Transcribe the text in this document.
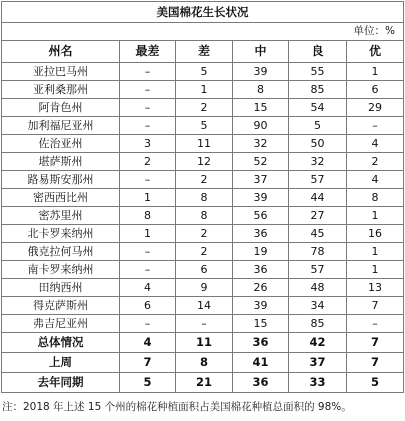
美国棉花生长状况					
单位：%					
州名	最差	差	中	良	优
亚拉巴马州	–	5	39	55	1
亚利桑那州	–	1	8	85	6
阿肯色州	–	2	15	54	29
加利福尼亚州	–	5	90	5	–
佐治亚州	3	11	32	50	4
堪萨斯州	2	12	52	32	2
路易斯安那州	–	2	37	57	4
密西西比州	1	8	39	44	8
密苏里州	8	8	56	27	1
北卡罗来纳州	1	2	36	45	16
俄克拉何马州	–	2	19	78	1
南卡罗来纳州	–	6	36	57	1
田纳西州	4	9	26	48	13
得克萨斯州	6	14	39	34	7
弗吉尼亚州	–	–	15	85	–
总体情况	4	11	36	42	7
上周	7	8	41	37	7
去年同期	5	21	36	33	5
注：2018 年上述 15 个州的棉花种植面积占美国棉花种植总面积的 98%。
